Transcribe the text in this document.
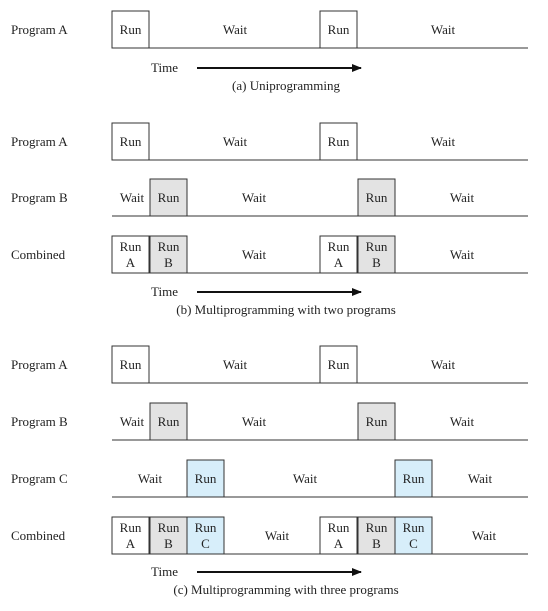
Program A	Run	Wait	Run	Wait
Time
(a) Uniprogramming
Program A	Run	Wait	Run	Wait
Program B	Wait Run	Wait	Run	Wait
Combined
Run
A
Run
B
Wait
Run
A
Run
B
Wait
Time
(b) Multiprogramming with two programs
Program A	Run	Wait	Run	Wait
Program B	Wait Run	Wait	Run	Wait
Program C	Wait	Run	Wait	Run	Wait
Combined
Run
A
Run
B
Run
C
Wait
Run
A
Run
B
Run
C
Wait
Time
(c) Multiprogramming with three programs
